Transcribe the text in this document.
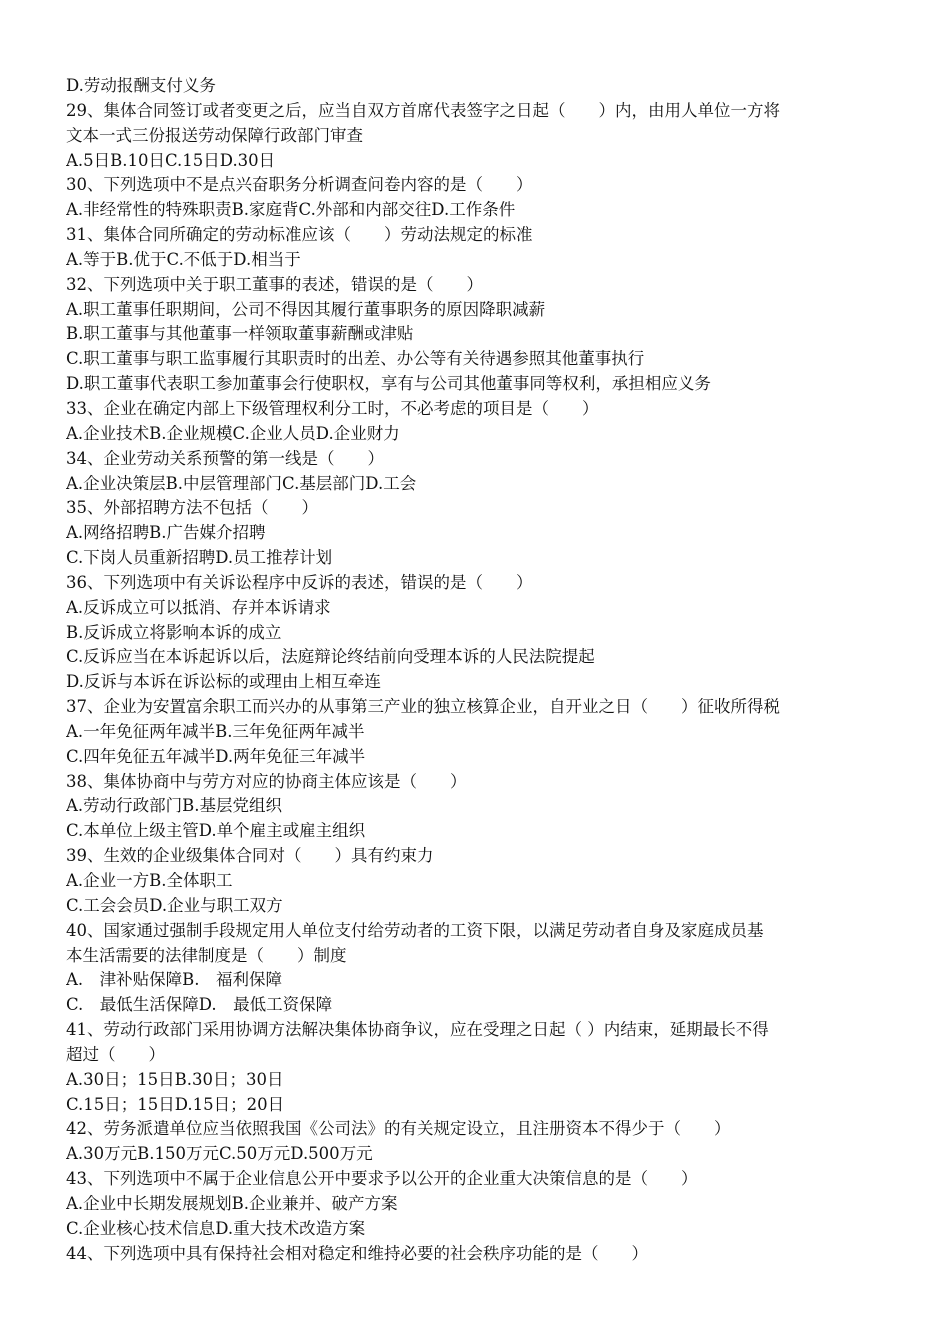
D.劳动报酬支付义务
29、集体合同签订或者变更之后，应当自双方首席代表签字之日起（　　）内，由用人单位一方将
文本一式三份报送劳动保障行政部门审查
A.5日B.10日C.15日D.30日
30、下列选项中不是点兴奋职务分析调查问卷内容的是（　　）
A.非经常性的特殊职责B.家庭背C.外部和内部交往D.工作条件
31、集体合同所确定的劳动标准应该（　　）劳动法规定的标准
A.等于B.优于C.不低于D.相当于
32、下列选项中关于职工董事的表述，错误的是（　　）
A.职工董事任职期间，公司不得因其履行董事职务的原因降职减薪
B.职工董事与其他董事一样领取董事薪酬或津贴
C.职工董事与职工监事履行其职责时的出差、办公等有关待遇参照其他董事执行
D.职工董事代表职工参加董事会行使职权，享有与公司其他董事同等权利，承担相应义务
33、企业在确定内部上下级管理权利分工时，不必考虑的项目是（　　）
A.企业技术B.企业规模C.企业人员D.企业财力
34、企业劳动关系预警的第一线是（　　）
A.企业决策层B.中层管理部门C.基层部门D.工会
35、外部招聘方法不包括（　　）
A.网络招聘B.广告媒介招聘
C.下岗人员重新招聘D.员工推荐计划
36、下列选项中有关诉讼程序中反诉的表述，错误的是（　　）
A.反诉成立可以抵消、存并本诉请求
B.反诉成立将影响本诉的成立
C.反诉应当在本诉起诉以后，法庭辩论终结前向受理本诉的人民法院提起
D.反诉与本诉在诉讼标的或理由上相互牵连
37、企业为安置富余职工而兴办的从事第三产业的独立核算企业，自开业之日（　　）征收所得税
A.一年免征两年减半B.三年免征两年减半
C.四年免征五年减半D.两年免征三年减半
38、集体协商中与劳方对应的协商主体应该是（　　）
A.劳动行政部门B.基层党组织
C.本单位上级主管D.单个雇主或雇主组织
39、生效的企业级集体合同对（　　）具有约束力
A.企业一方B.全体职工
C.工会会员D.企业与职工双方
40、国家通过强制手段规定用人单位支付给劳动者的工资下限，以满足劳动者自身及家庭成员基
本生活需要的法律制度是（　　）制度
A.　津补贴保障B.　福利保障
C.　最低生活保障D.　最低工资保障
41、劳动行政部门采用协调方法解决集体协商争议，应在受理之日起（ ）内结束，延期最长不得
超过（　　）
A.30日；15日B.30日；30日
C.15日；15日D.15日；20日
42、劳务派遣单位应当依照我国《公司法》的有关规定设立，且注册资本不得少于（　　）
A.30万元B.150万元C.50万元D.500万元
43、下列选项中不属于企业信息公开中要求予以公开的企业重大决策信息的是（　　）
A.企业中长期发展规划B.企业兼并、破产方案
C.企业核心技术信息D.重大技术改造方案
44、下列选项中具有保持社会相对稳定和维持必要的社会秩序功能的是（　　）
